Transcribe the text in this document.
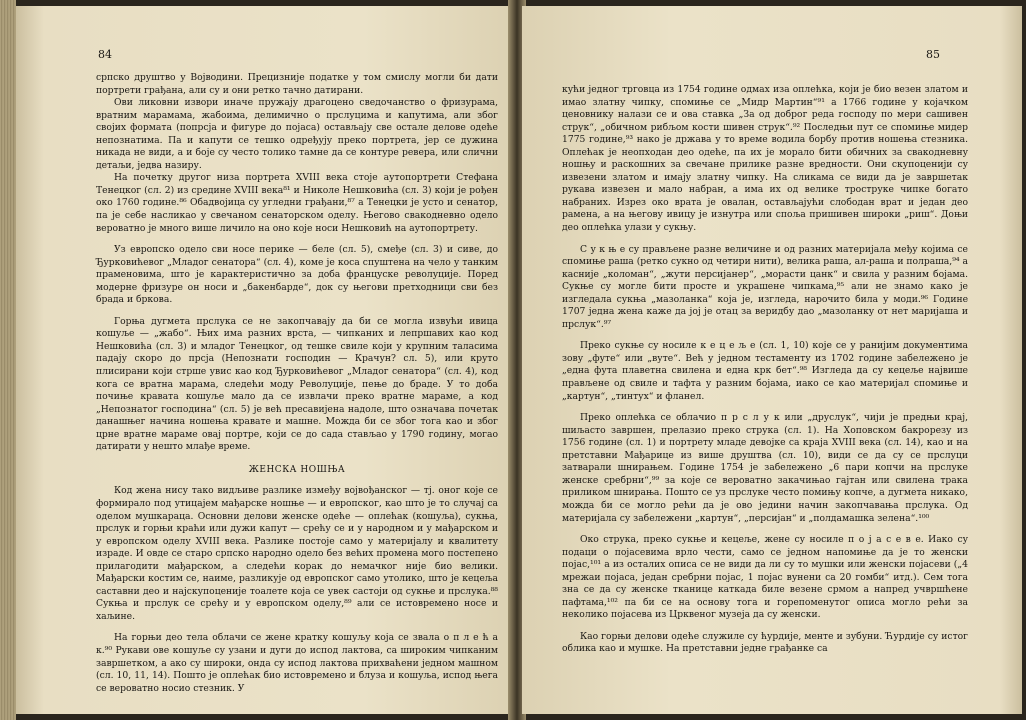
84

српско друштво у Војводини. Прецизније податке у том смислу могли би дати портрети грађана, али су и они ретко тачно датирани.

Ови ликовни извори иначе пружају драгоцено сведочанство о фризурама, вратним марамама, жабоима, делимично о прслуцима и капутима, али због својих формата (попрсја и фигуре до појаса) остављају све остале делове одеће непознатима. Па и капути се тешко одређују преко портрета, јер се дужина никада не види, а и боје су често толико тамне да се контуре ревера, или слични детаљи, једва назиру.

На почетку другог низа портрета XVIII века стоје аутопортрети Стефана Тенецког (сл. 2) из средине XVIII века⁸¹ и Николе Нешковића (сл. 3) који је рођен око 1760 године.⁸⁶ Обадвојица су угледни грађани,⁸⁷ а Тенецки је усто и сенатор, па је себе насликао у свечаном сенаторском оделу. Његово свакодневно одело вероватно је много више личило на оно које носи Нешковић на аутопортрету.

Уз европско одело сви носе перике — беле (сл. 5), смеђе (сл. 3) и сиве, до Ђурковићевог „Младог сенатора“ (сл. 4), коме је коса спуштена на чело у танким праменовима, што је карактеристично за доба француске револуције. Поред модерне фризуре он носи и „бакенбарде“, док су његови претходници сви без брада и бркова.

Горња дугмета прслука се не закопчавају да би се могла извући ивица кошуље — „жабо“. Њих има разних врста, — чипканих и лепршавих као код Нешковића (сл. 3) и младог Тенецког, од тешке свиле који у крупним таласима падају скоро до прсја (Непознати господин — Крачун? сл. 5), или круто плисирани који стрше увис као код Ђурковићевог „Младог сенатора“ (сл. 4), код кога се вратна марама, следећи моду Револуције, пење до браде. У то доба почиње кравата кошуље мало да се извлачи преко вратне мараме, а код „Непознатог господина“ (сл. 5) је већ пресавијена надоле, што означава почетак данашњег начина ношења кравате и машне. Можда би се због тога као и због црне вратне мараме овај портре, који се до сада стављао у 1790 годину, могао датирати у нешто млађе време.

ЖЕНСКА НОШЊА

Код жена нису тако видљиве разлике између војвођанског — тј. оног које се формирало под утицајем мађарске ношње — и европског, као што је то случај са оделом мушкараца. Основни делови женске одеће — оплећак (кошуља), сукња, прслук и горњи краћи или дужи капут — срећу се и у народном и у мађарском и у европском оделу XVIII века. Разлике постоје само у материјалу и квалитету израде. И овде се старо српско народно одело без већих промена мого постепено прилагодити мађарском, а следећи корак до немачког није био велики. Мађарски костим се, наиме, разликује од европског само утолико, што је кецеља саставни део и најскупоценије тоалете која се увек састоји од сукње и прслука.⁸⁸ Сукња и прслук се срећу и у европском оделу,⁸⁹ али се истовремено носе и хаљине.

На горњи део тела облачи се жене кратку кошуљу која се звала о п л е ћ а к.⁹⁰ Рукави ове кошуље су узани и дуги до испод лактова, са широким чипканим завршетком, а ако су широки, онда су испод лактова прихваћени једном машном (сл. 10, 11, 14). Пошто је оплећак био истовремено и блуза и кошуља, испод њега се вероватно носио стезник. У

85

кући једног трговца из 1754 године одмах иза оплећка, који је био везен златом и имао златну чипку, спомиње се „Мидр Мартин“⁹¹ а 1766 године у којачком ценовнику налази се и ова ставка „За од доброг реда господу по мери сашивен струк“, „обичном рибљом кости шивен струк“.⁹² Последњи пут се спомиње мидер 1775 године,⁹³ нако је држава у то време водила борбу против ношења стезника. Оплећак је неопходан део одеће, па их је морало бити обичних за свакодневну ношњу и раскошних за свечане прилике разне вредности. Они скупоценији су извезени златом и имају златну чипку. На сликама се види да је завршетак рукава извезен и мало набран, а има их од велике троструке чипке богато набраних. Изрез око врата је овалан, остављајући слободан врат и један део рамена, а на његову ивицу је изнутра или споља пришивен широки „риш“. Доњи део оплећка улази у сукњу.

С у к њ е су прављене разне величине и од разних материјала међу којима се спомиње раша (ретко сукно од четири нити), велика раша, ал-раша и полраша,⁹⁴ а касније „коломан“, „жути персијанер“, „морасти цанк“ и свила у разним бојама. Сукње су могле бити просте и украшене чипкама,⁹⁵ али не знамо како је изгледала сукња „мазоланка“ која је, изгледа, нарочито била у моди.⁹⁶ Године 1707 једна жена каже да јој је отац за веридбу дао „мазоланку от нет маријаша и прслук“.⁹⁷

Преко сукње су носиле к е ц е љ е (сл. 1, 10) које се у ранијим документима зову „футе“ или „вуте“. Већ у једном тестаменту из 1702 године забележено је „една фута плаветна свилена и една крк бет“.⁹⁸ Изгледа да су кецеље највише прављене од свиле и тафта у разним бојама, иако се као материјал спомиње и „картун“, „тинтух“ и фланел.

Преко оплећка се облачио п р с л у к или „друслук“, чији је предњи крај, шиљасто завршен, прелазио преко струка (сл. 1). На Хоповском бакрорезу из 1756 године (сл. 1) и портрету младе девојке са краја XVIII века (сл. 14), као и на претставни Мађарице из више друштва (сл. 10), види се да су се прслуци затварали шнирањем. Године 1754 је забележено „6 пари копчи на прслуке женске сребрни“,⁹⁹ за које се вероватно закачињао гајтан или свилена трака приликом шнирања. Пошто се уз прслуке често помињу копче, а дугмета никако, можда би се могло рећи да је ово једини начин закопчавања прслука. Од материјала су забележени „картун“, „персијан“ и „полдамашка зелена“.¹⁰⁰

Око струка, преко сукње и кецеље, жене су носиле п о ј а с е в е. Иако су подаци о појасевима врло чести, само се једном напомиње да је то женски појас,¹⁰¹ а из осталих описа се не види да ли су то мушки или женски појасеви („4 мрежаи појаса, један сребрни појас, 1 појас вунени са 20 гомби“ итд.). Сем тога зна се да су женске тканице каткада биле везене срмом а напред учвршћене пафтама,¹⁰² па би се на основу тога и горепоменутог описа могло рећи за неколико појасева из Црквеног музеја да су женски.

Као горњи делови одеће служиле су ћурдије, менте и зубуни. Ћурдије су истог облика као и мушке. На претставни једне грађанке са
